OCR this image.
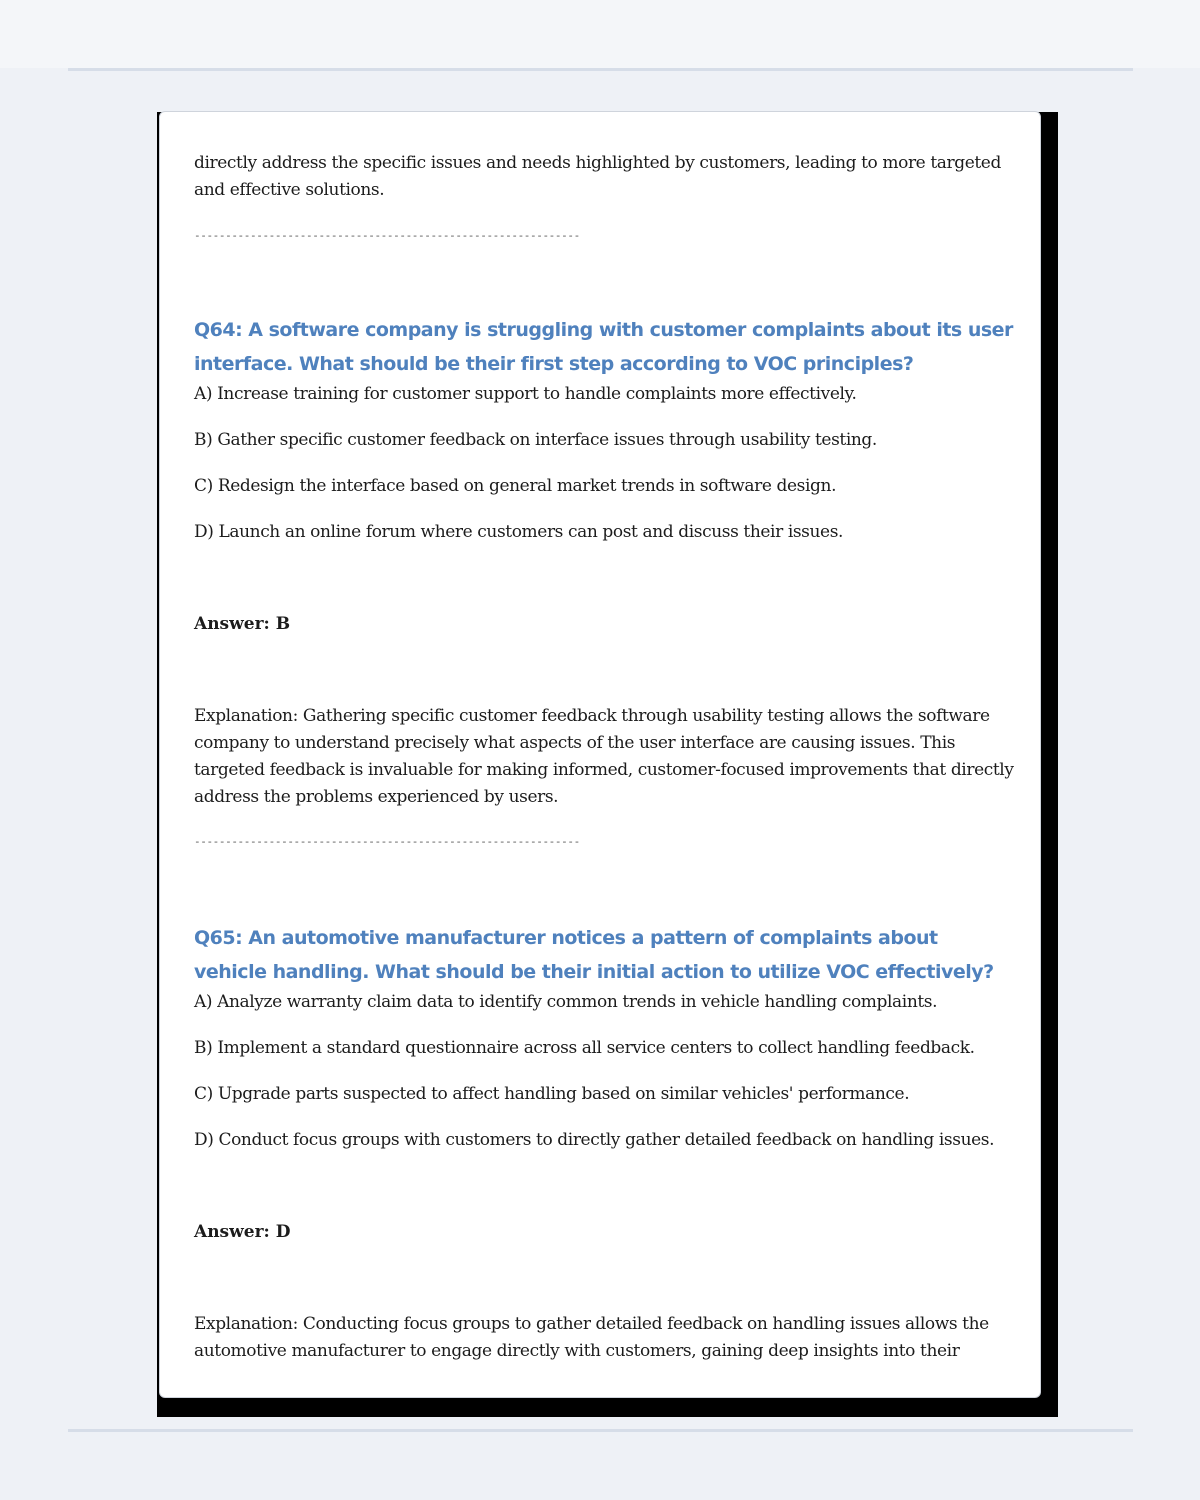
directly address the specific issues and needs highlighted by customers, leading to more targeted and effective solutions.

--------------------------------------------------------------
Q64: A software company is struggling with customer complaints about its user interface. What should be their first step according to VOC principles?
A) Increase training for customer support to handle complaints more effectively.
B) Gather specific customer feedback on interface issues through usability testing.
C) Redesign the interface based on general market trends in software design.
D) Launch an online forum where customers can post and discuss their issues.
Answer: B

Explanation: Gathering specific customer feedback through usability testing allows the software company to understand precisely what aspects of the user interface are causing issues. This targeted feedback is invaluable for making informed, customer-focused improvements that directly address the problems experienced by users.

--------------------------------------------------------------
Q65: An automotive manufacturer notices a pattern of complaints about vehicle handling. What should be their initial action to utilize VOC effectively?
A) Analyze warranty claim data to identify common trends in vehicle handling complaints.
B) Implement a standard questionnaire across all service centers to collect handling feedback.
C) Upgrade parts suspected to affect handling based on similar vehicles' performance.
D) Conduct focus groups with customers to directly gather detailed feedback on handling issues.
Answer: D

Explanation: Conducting focus groups to gather detailed feedback on handling issues allows the automotive manufacturer to engage directly with customers, gaining deep insights into their
